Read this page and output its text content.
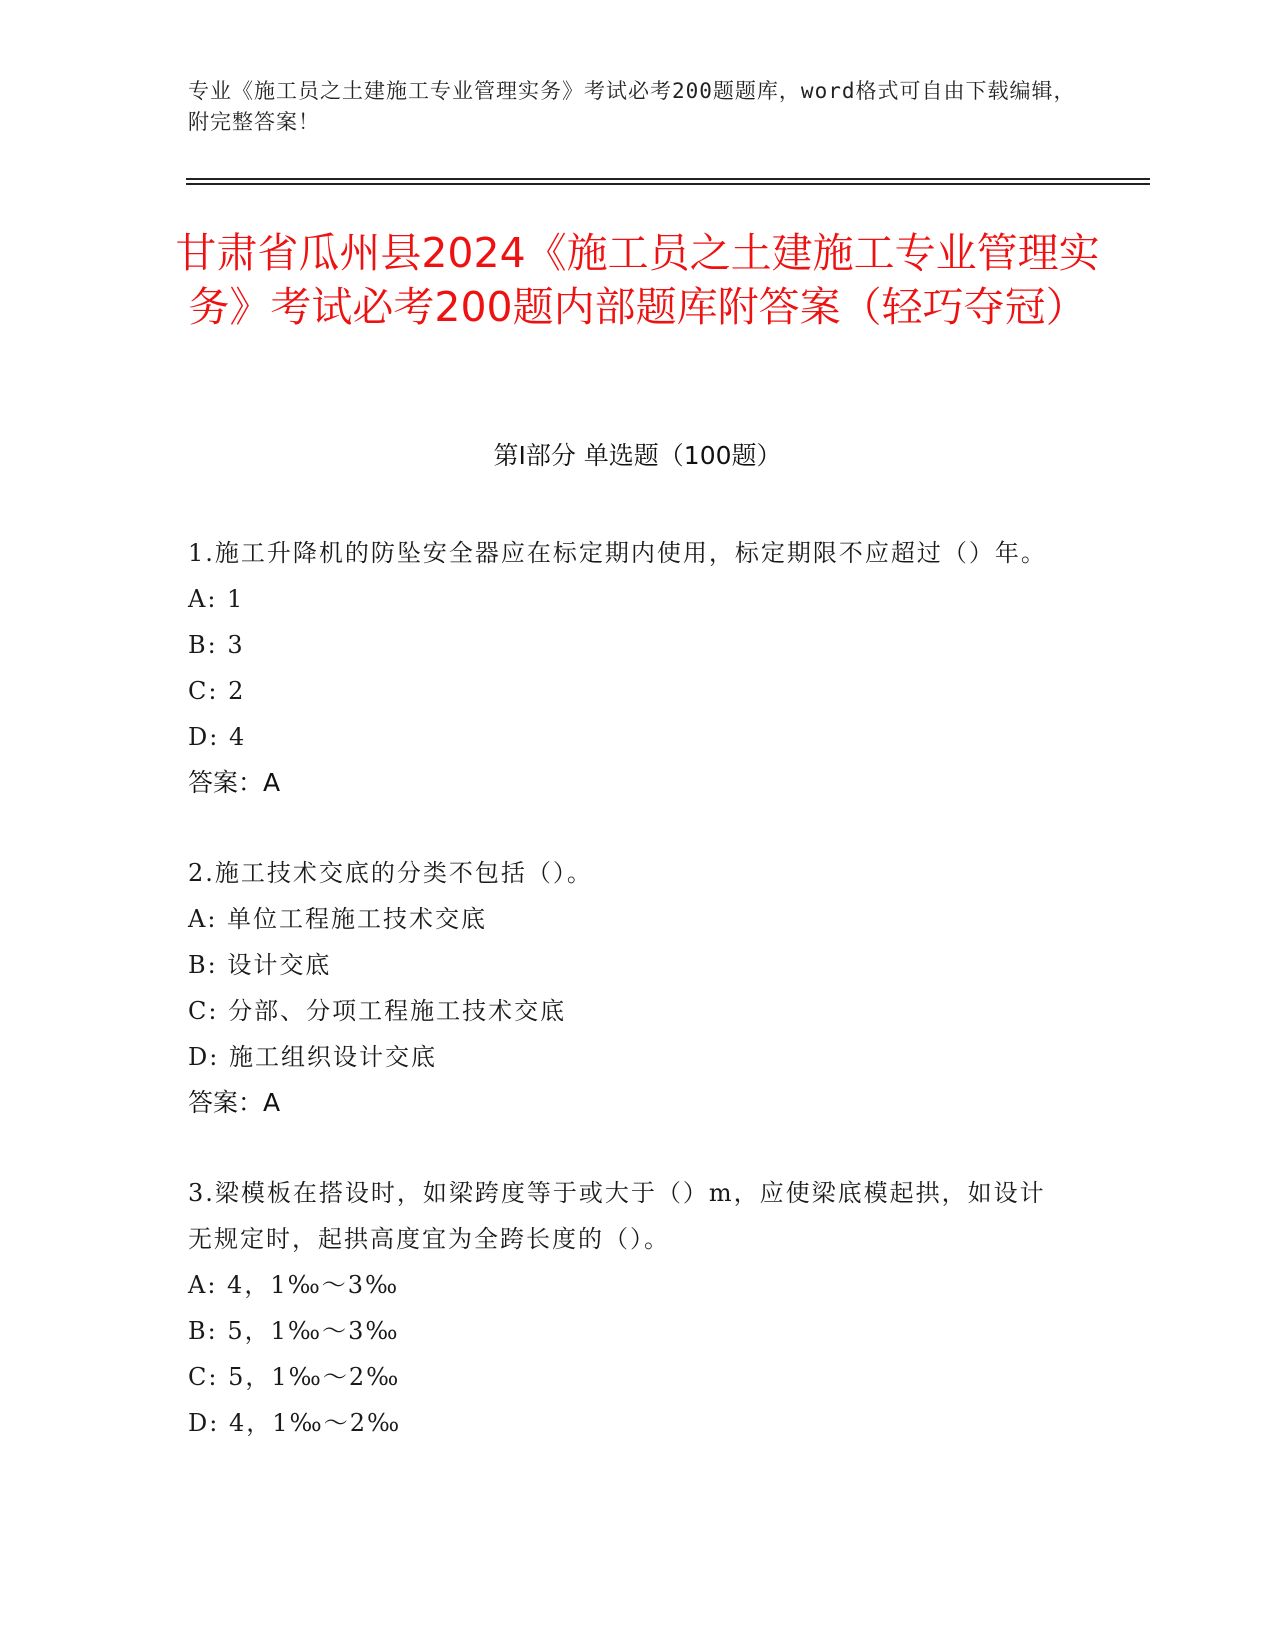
专业《施工员之土建施工专业管理实务》考试必考200题题库，word格式可自由下载编辑，附完整答案！
甘肃省瓜州县2024《施工员之土建施工专业管理实务》考试必考200题内部题库附答案（轻巧夺冠）
第I部分 单选题（100题）
1.施工升降机的防坠安全器应在标定期内使用，标定期限不应超过（）年。
A: 1
B: 3
C: 2
D: 4
答案：A
2.施工技术交底的分类不包括（）。
A: 单位工程施工技术交底
B: 设计交底
C: 分部、分项工程施工技术交底
D: 施工组织设计交底
答案：A
3.梁模板在搭设时，如梁跨度等于或大于（）m，应使梁底模起拱，如设计无规定时，起拱高度宜为全跨长度的（）。
A: 4，1‰～3‰
B: 5，1‰～3‰
C: 5，1‰～2‰
D: 4，1‰～2‰
